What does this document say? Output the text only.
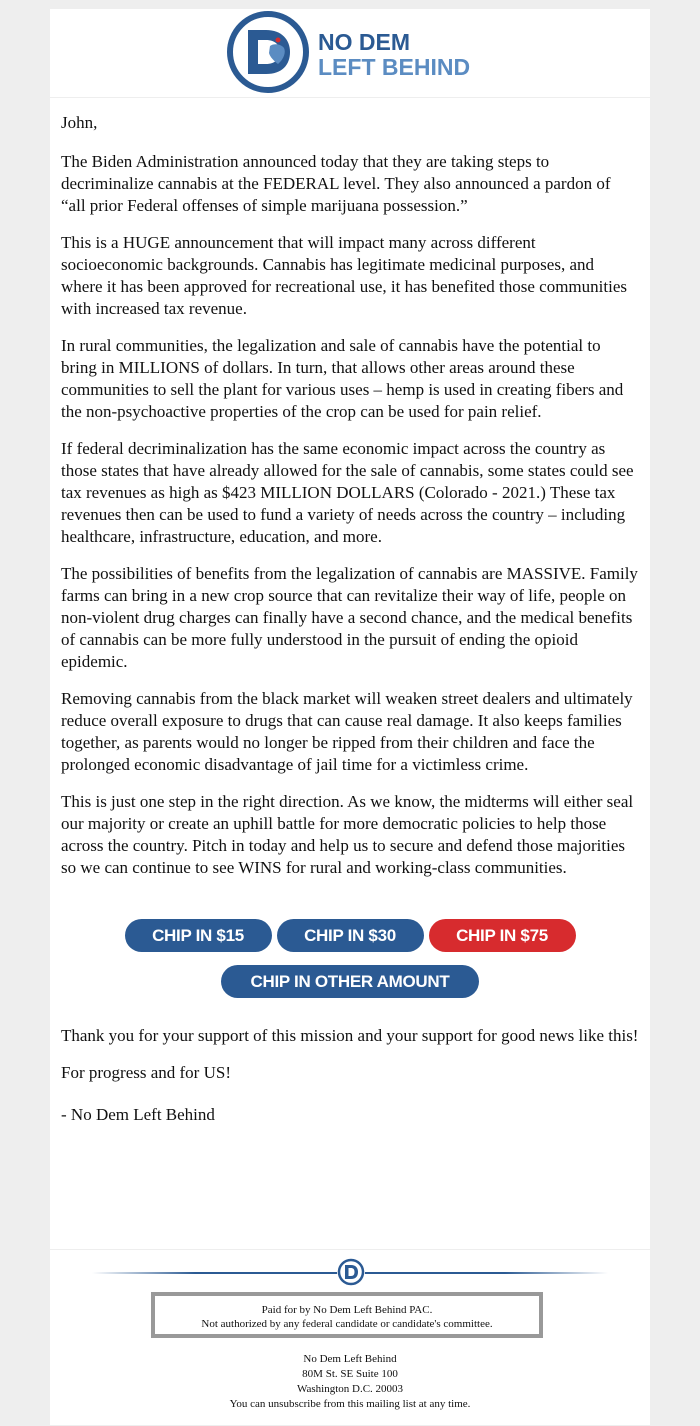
NO DEM
LEFT BEHIND

John,

The Biden Administration announced today that they are taking steps to decriminalize cannabis at the FEDERAL level. They also announced a pardon of “all prior Federal offenses of simple marijuana possession.”

This is a HUGE announcement that will impact many across different socioeconomic backgrounds. Cannabis has legitimate medicinal purposes, and where it has been approved for recreational use, it has benefited those communities with increased tax revenue.

In rural communities, the legalization and sale of cannabis have the potential to bring in MILLIONS of dollars. In turn, that allows other areas around these communities to sell the plant for various uses – hemp is used in creating fibers and the non-psychoactive properties of the crop can be used for pain relief.

If federal decriminalization has the same economic impact across the country as those states that have already allowed for the sale of cannabis, some states could see tax revenues as high as $423 MILLION DOLLARS (Colorado - 2021.) These tax revenues then can be used to fund a variety of needs across the country – including healthcare, infrastructure, education, and more.

The possibilities of benefits from the legalization of cannabis are MASSIVE. Family farms can bring in a new crop source that can revitalize their way of life, people on non-violent drug charges can finally have a second chance, and the medical benefits of cannabis can be more fully understood in the pursuit of ending the opioid epidemic.

Removing cannabis from the black market will weaken street dealers and ultimately reduce overall exposure to drugs that can cause real damage. It also keeps families together, as parents would no longer be ripped from their children and face the prolonged economic disadvantage of jail time for a victimless crime.

This is just one step in the right direction. As we know, the midterms will either seal our majority or create an uphill battle for more democratic policies to help those across the country. Pitch in today and help us to secure and defend those majorities so we can continue to see WINS for rural and working-class communities.

CHIP IN $15	CHIP IN $30	CHIP IN $75
CHIP IN OTHER AMOUNT

Thank you for your support of this mission and your support for good news like this!

For progress and for US!

- No Dem Left Behind

Paid for by No Dem Left Behind PAC.
Not authorized by any federal candidate or candidate's committee.
No Dem Left Behind
80M St. SE Suite 100
Washington D.C. 20003
You can unsubscribe from this mailing list at any time.
